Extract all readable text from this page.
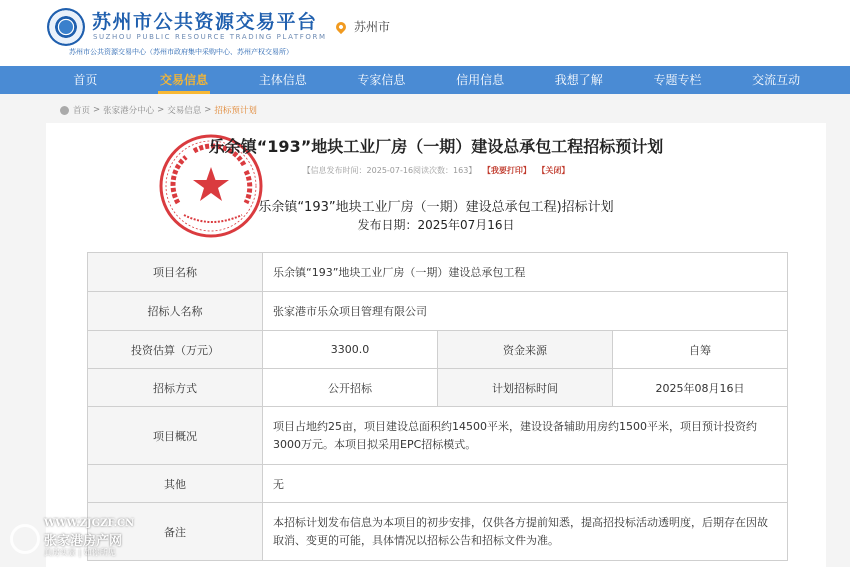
苏州市公共资源交易平台
SUZHOU PUBLIC RESOURCE TRADING PLATFORM
苏州市公共资源交易中心（苏州市政府集中采购中心、苏州产权交易所）
苏州市
首页	交易信息	主体信息	专家信息	信用信息	我想了解	专题专栏	交流互动
首页 > 张家港分中心 > 交易信息 > 招标预计划
乐余镇“193”地块工业厂房（一期）建设总承包工程招标预计划
【信息发布时间：2025-07-16阅读次数：163】 【我要打印】 【关闭】
乐余镇“193”地块工业厂房（一期）建设总承包工程)招标计划
发布日期：2025年07月16日
项目名称	乐余镇“193”地块工业厂房（一期）建设总承包工程		
招标人名称	张家港市乐众项目管理有限公司		
投资估算（万元）	3300.0	资金来源	自筹
招标方式	公开招标	计划招标时间	2025年08月16日
项目概况	项目占地约25亩，项目建设总面积约14500平米，建设设备辅助用房约1500平米，项目预计投资约3000万元。本项目拟采用EPC招标模式。		
其他	无		
备注	本招标计划发布信息为本项目的初步安排，仅供各方提前知悉，提高招投标活动透明度，后期存在因故取消、变更的可能，具体情况以招标公告和招标文件为准。		
WWW.ZJGZF.CN
张家港房产网
真房实景 | 如你所见
